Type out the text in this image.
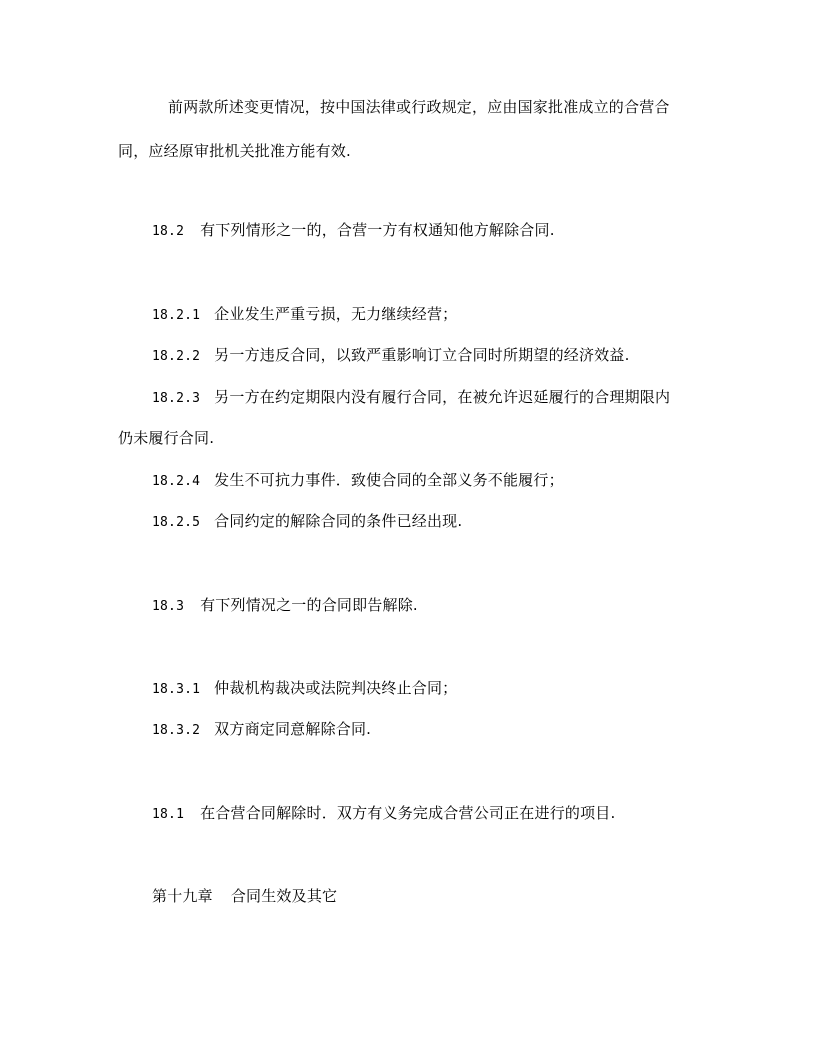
前两款所述变更情况，按中国法律或行政规定，应由国家批准成立的合营合
同，应经原审批机关批准方能有效.
18.2 有下列情形之一的，合营一方有权通知他方解除合同.
18.2.1 企业发生严重亏损，无力继续经营；
18.2.2 另一方违反合同，以致严重影响订立合同时所期望的经济效益.
18.2.3 另一方在约定期限内没有履行合同，在被允许迟延履行的合理期限内
仍未履行合同.
18.2.4 发生不可抗力事件．致使合同的全部义务不能履行；
18.2.5 合同约定的解除合同的条件已经出现.
18.3 有下列情况之一的合同即告解除.
18.3.1 仲裁机构裁决或法院判决终止合同；
18.3.2 双方商定同意解除合同.
18.1 在合营合同解除时．双方有义务完成合营公司正在进行的项目.
第十九章 合同生效及其它
